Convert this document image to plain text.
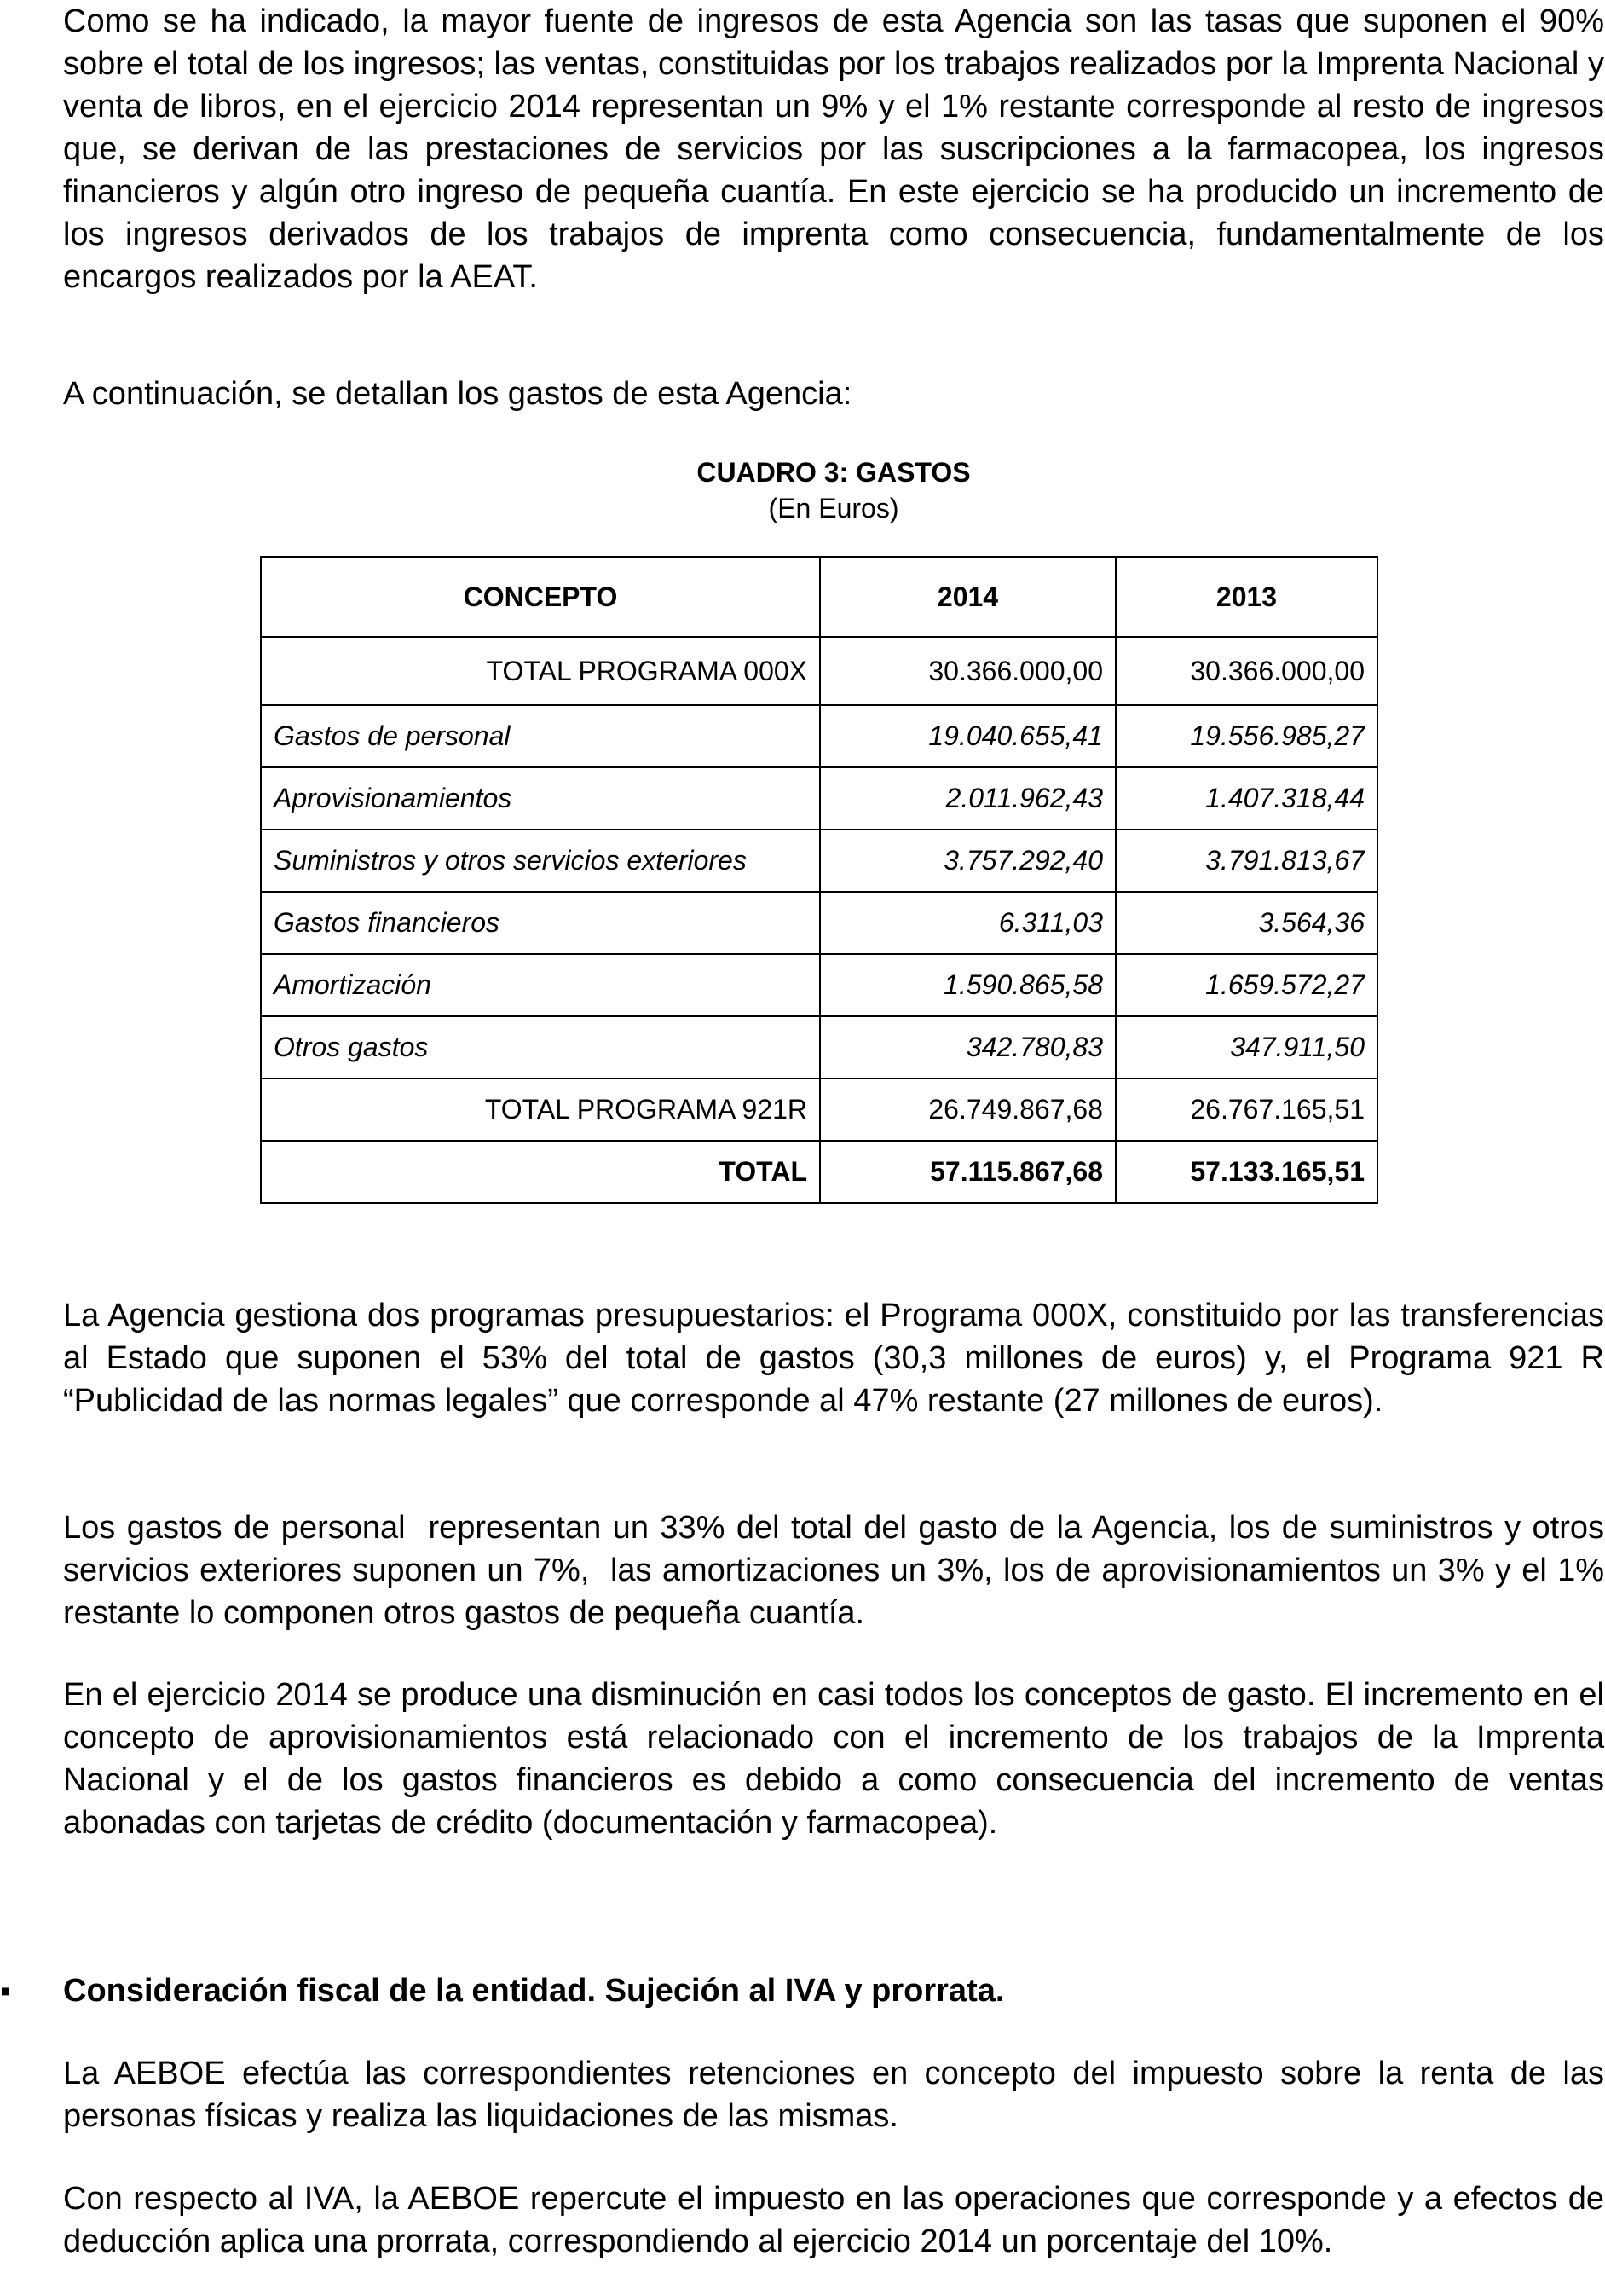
Como se ha indicado, la mayor fuente de ingresos de esta Agencia son las tasas que suponen el 90% sobre el total de los ingresos; las ventas, constituidas por los trabajos realizados por la Imprenta Nacional y venta de libros, en el ejercicio 2014 representan un 9% y el 1% restante corresponde al resto de ingresos que, se derivan de las prestaciones de servicios por las suscripciones a la farmacopea, los ingresos financieros y algún otro ingreso de pequeña cuantía. En este ejercicio se ha producido un incremento de los ingresos derivados de los trabajos de imprenta como consecuencia, fundamentalmente de los encargos realizados por la AEAT.

A continuación, se detallan los gastos de esta Agencia:

CUADRO 3: GASTOS
(En Euros)
CONCEPTO	2014	2013
TOTAL PROGRAMA 000X	30.366.000,00	30.366.000,00
Gastos de personal	19.040.655,41	19.556.985,27
Aprovisionamientos	2.011.962,43	1.407.318,44
Suministros y otros servicios exteriores	3.757.292,40	3.791.813,67
Gastos financieros	6.311,03	3.564,36
Amortización	1.590.865,58	1.659.572,27
Otros gastos	342.780,83	347.911,50
TOTAL PROGRAMA 921R	26.749.867,68	26.767.165,51
TOTAL	57.115.867,68	57.133.165,51

La Agencia gestiona dos programas presupuestarios: el Programa 000X, constituido por las transferencias al Estado que suponen el 53% del total de gastos (30,3 millones de euros) y, el Programa 921 R “Publicidad de las normas legales” que corresponde al 47% restante (27 millones de euros).

Los gastos de personal  representan un 33% del total del gasto de la Agencia, los de suministros y otros servicios exteriores suponen un 7%,  las amortizaciones un 3%, los de aprovisionamientos un 3% y el 1% restante lo componen otros gastos de pequeña cuantía.

En el ejercicio 2014 se produce una disminución en casi todos los conceptos de gasto. El incremento en el concepto de aprovisionamientos está relacionado con el incremento de los trabajos de la Imprenta Nacional y el de los gastos financieros es debido a como consecuencia del incremento de ventas abonadas con tarjetas de crédito (documentación y farmacopea).

▪ Consideración fiscal de la entidad. Sujeción al IVA y prorrata.

La AEBOE efectúa las correspondientes retenciones en concepto del impuesto sobre la renta de las personas físicas y realiza las liquidaciones de las mismas.

Con respecto al IVA, la AEBOE repercute el impuesto en las operaciones que corresponde y a efectos de deducción aplica una prorrata, correspondiendo al ejercicio 2014 un porcentaje del 10%.
